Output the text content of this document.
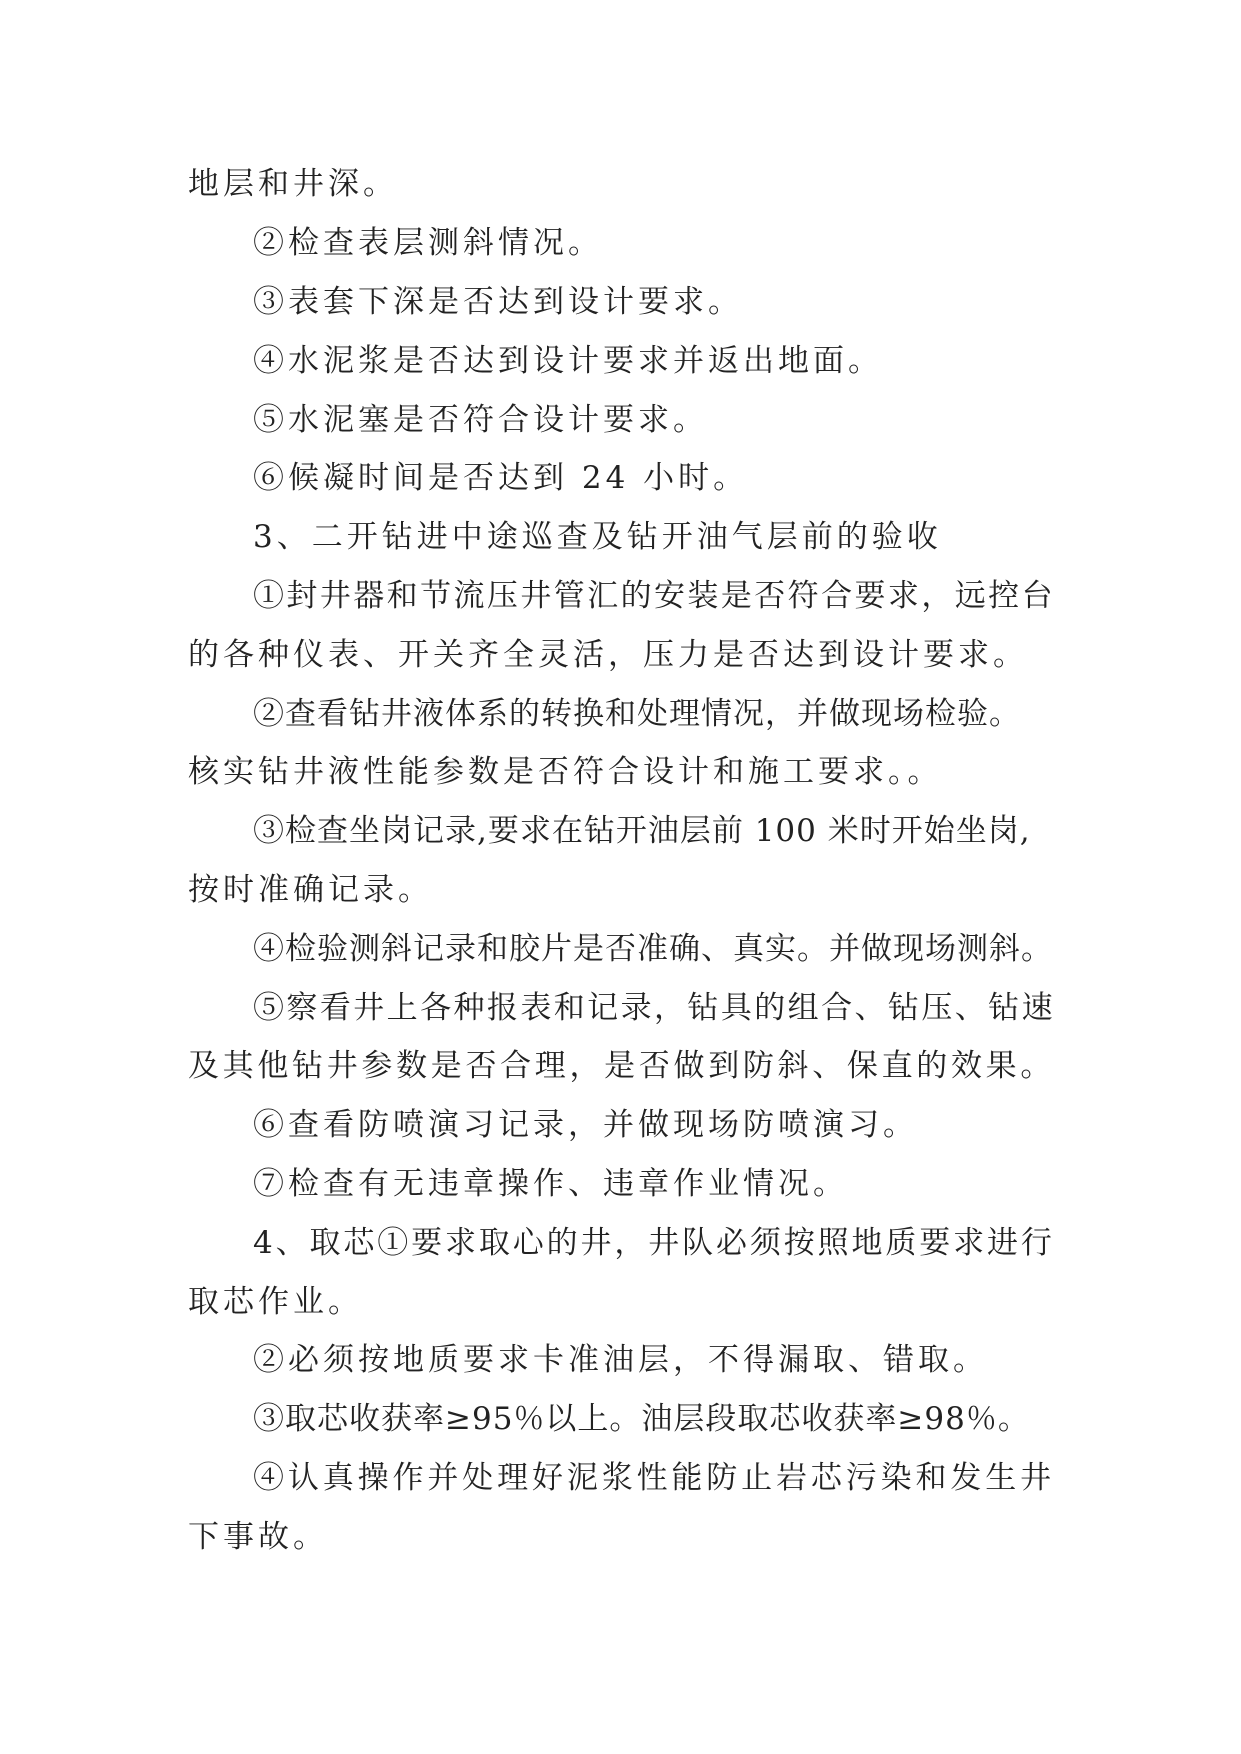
地层和井深。
②检查表层测斜情况。
③表套下深是否达到设计要求。
④水泥浆是否达到设计要求并返出地面。
⑤水泥塞是否符合设计要求。
⑥候凝时间是否达到 24 小时。
3、二开钻进中途巡查及钻开油气层前的验收
①封井器和节流压井管汇的安装是否符合要求，远控台
的各种仪表、开关齐全灵活，压力是否达到设计要求。
②查看钻井液体系的转换和处理情况，并做现场检验。
核实钻井液性能参数是否符合设计和施工要求。。
③检查坐岗记录,要求在钻开油层前 100 米时开始坐岗,
按时准确记录。
④检验测斜记录和胶片是否准确、真实。并做现场测斜。
⑤察看井上各种报表和记录，钻具的组合、钻压、钻速
及其他钻井参数是否合理，是否做到防斜、保直的效果。
⑥查看防喷演习记录，并做现场防喷演习。
⑦检查有无违章操作、违章作业情况。
4、取芯①要求取心的井，井队必须按照地质要求进行
取芯作业。
②必须按地质要求卡准油层，不得漏取、错取。
③取芯收获率≥95％以上。油层段取芯收获率≥98％。
④认真操作并处理好泥浆性能防止岩芯污染和发生井
下事故。
